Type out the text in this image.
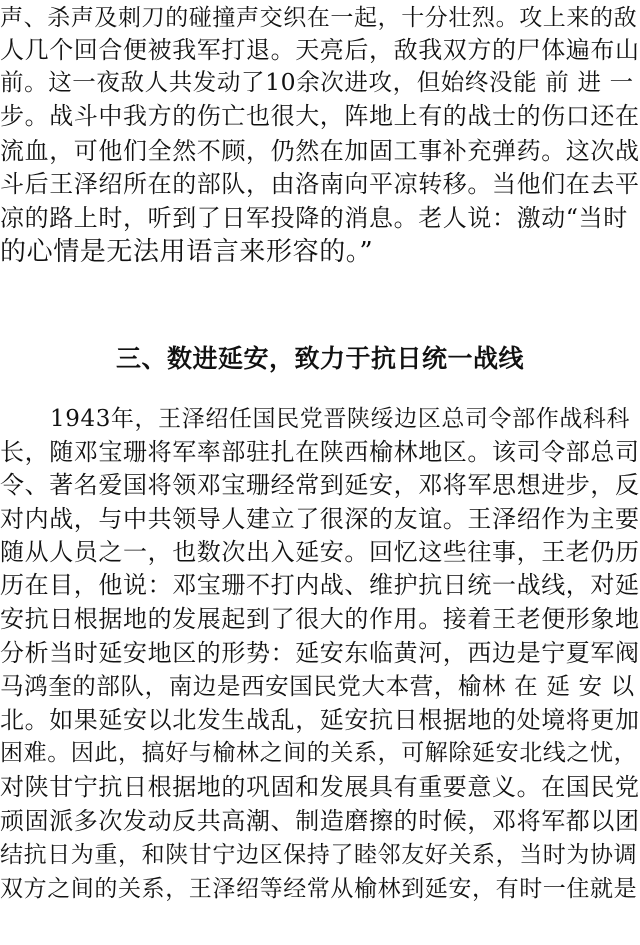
声、杀声及刺刀的碰撞声交织在一起，十分壮烈。攻上来的敌
人几个回合便被我军打退。天亮后，敌我双方的尸体遍布山
前。这一夜敌人共发动了10余次进攻，但始终没能 前 进 一
步。战斗中我方的伤亡也很大，阵地上有的战士的伤口还在
流血，可他们全然不顾，仍然在加固工事补充弹药。这次战
斗后王泽绍所在的部队，由洛南向平凉转移。当他们在去平
凉的路上时，听到了日军投降的消息。老人说：激动“当时
的心情是无法用语言来形容的。”
三、数进延安，致力于抗日统一战线
1943年，王泽绍任国民党晋陕绥边区总司令部作战科科
长，随邓宝珊将军率部驻扎在陕西榆林地区。该司令部总司
令、著名爱国将领邓宝珊经常到延安，邓将军思想进步，反
对内战，与中共领导人建立了很深的友谊。王泽绍作为主要
随从人员之一，也数次出入延安。回忆这些往事，王老仍历
历在目，他说：邓宝珊不打内战、维护抗日统一战线，对延
安抗日根据地的发展起到了很大的作用。接着王老便形象地
分析当时延安地区的形势：延安东临黄河，西边是宁夏军阀
马鸿奎的部队，南边是西安国民党大本营，榆林 在 延 安 以
北。如果延安以北发生战乱，延安抗日根据地的处境将更加
困难。因此，搞好与榆林之间的关系，可解除延安北线之忧，
对陕甘宁抗日根据地的巩固和发展具有重要意义。在国民党
顽固派多次发动反共高潮、制造磨擦的时候，邓将军都以团
结抗日为重，和陕甘宁边区保持了睦邻友好关系，当时为协调
双方之间的关系，王泽绍等经常从榆林到延安，有时一住就是
